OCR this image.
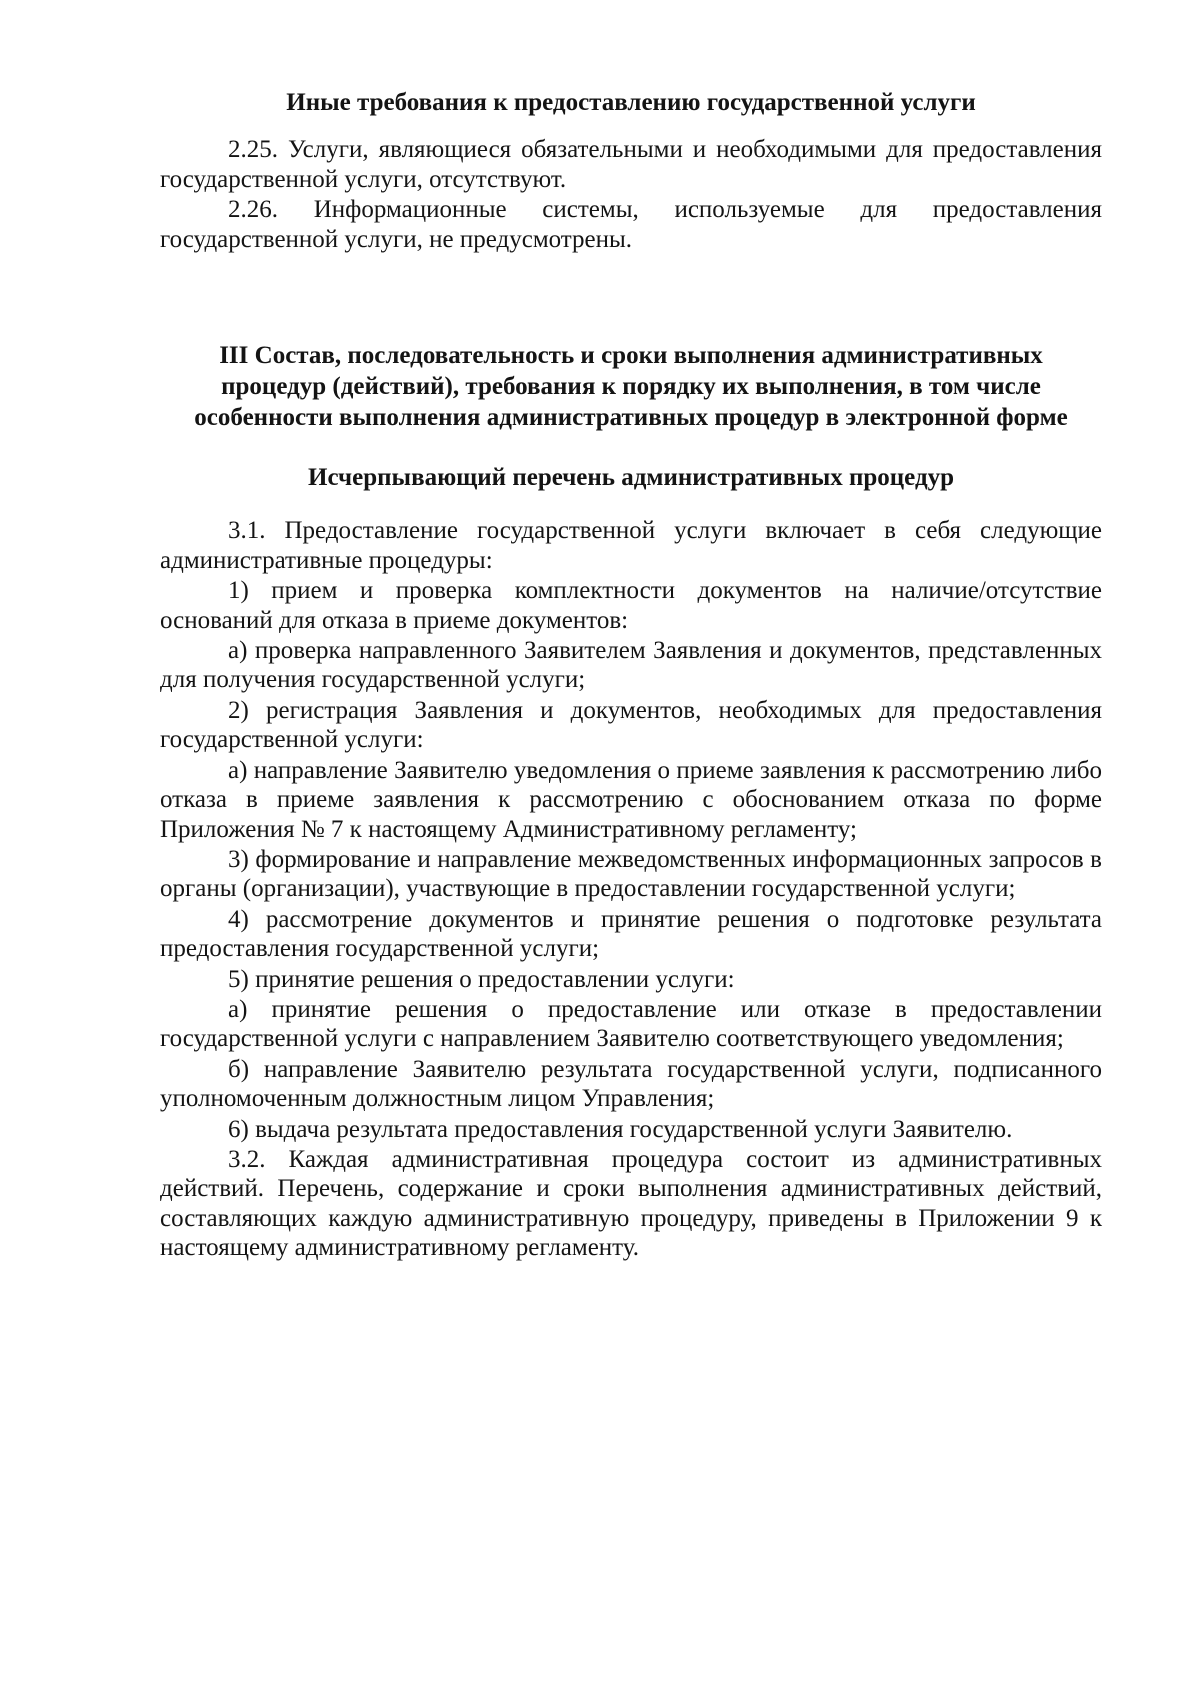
Иные требования к предоставлению государственной услуги

2.25. Услуги, являющиеся обязательными и необходимыми для предоставления государственной услуги, отсутствуют.

2.26. Информационные системы, используемые для предоставления государственной услуги, не предусмотрены.

III Состав, последовательность и сроки выполнения административных процедур (действий), требования к порядку их выполнения, в том числе особенности выполнения административных процедур в электронной форме
Исчерпывающий перечень административных процедур

3.1. Предоставление государственной услуги включает в себя следующие административные процедуры:

1) прием и проверка комплектности документов на наличие/отсутствие оснований для отказа в приеме документов:

а) проверка направленного Заявителем Заявления и документов, представленных для получения государственной услуги;

2) регистрация Заявления и документов, необходимых для предоставления государственной услуги:

а) направление Заявителю уведомления о приеме заявления к рассмотрению либо отказа в приеме заявления к рассмотрению с обоснованием отказа по форме Приложения № 7 к настоящему Административному регламенту;

3) формирование и направление межведомственных информационных запросов в органы (организации), участвующие в предоставлении государственной услуги;

4) рассмотрение документов и принятие решения о подготовке результата предоставления государственной услуги;

5) принятие решения о предоставлении услуги:

а) принятие решения о предоставление или отказе в предоставлении государственной услуги с направлением Заявителю соответствующего уведомления;

б) направление Заявителю результата государственной услуги, подписанного уполномоченным должностным лицом Управления;

6) выдача результата предоставления государственной услуги Заявителю.

3.2. Каждая административная процедура состоит из административных действий. Перечень, содержание и сроки выполнения административных действий, составляющих каждую административную процедуру, приведены в Приложении 9 к настоящему административному регламенту.
